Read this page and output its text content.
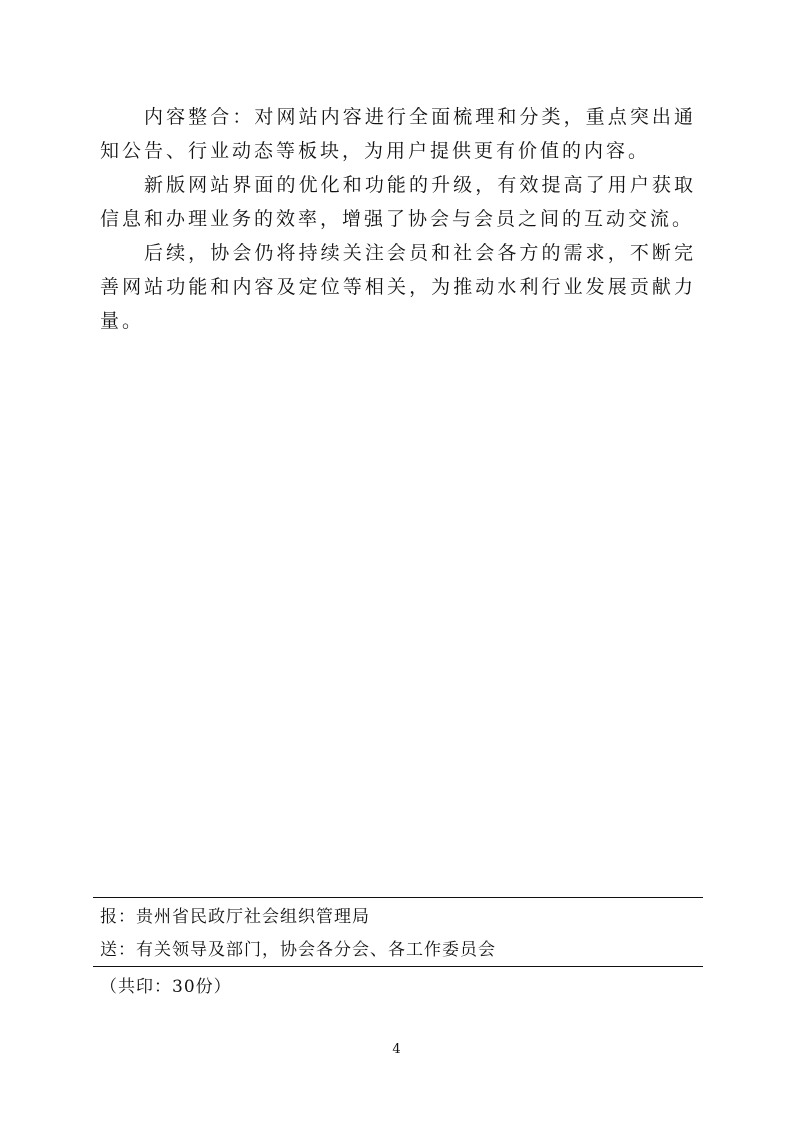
内容整合：对网站内容进行全面梳理和分类，重点突出通知公告、行业动态等板块，为用户提供更有价值的内容。

新版网站界面的优化和功能的升级，有效提高了用户获取信息和办理业务的效率，增强了协会与会员之间的互动交流。

后续，协会仍将持续关注会员和社会各方的需求，不断完善网站功能和内容及定位等相关，为推动水利行业发展贡献力量。

报：贵州省民政厅社会组织管理局
送：有关领导及部门，协会各分会、各工作委员会
（共印：30份）
4
